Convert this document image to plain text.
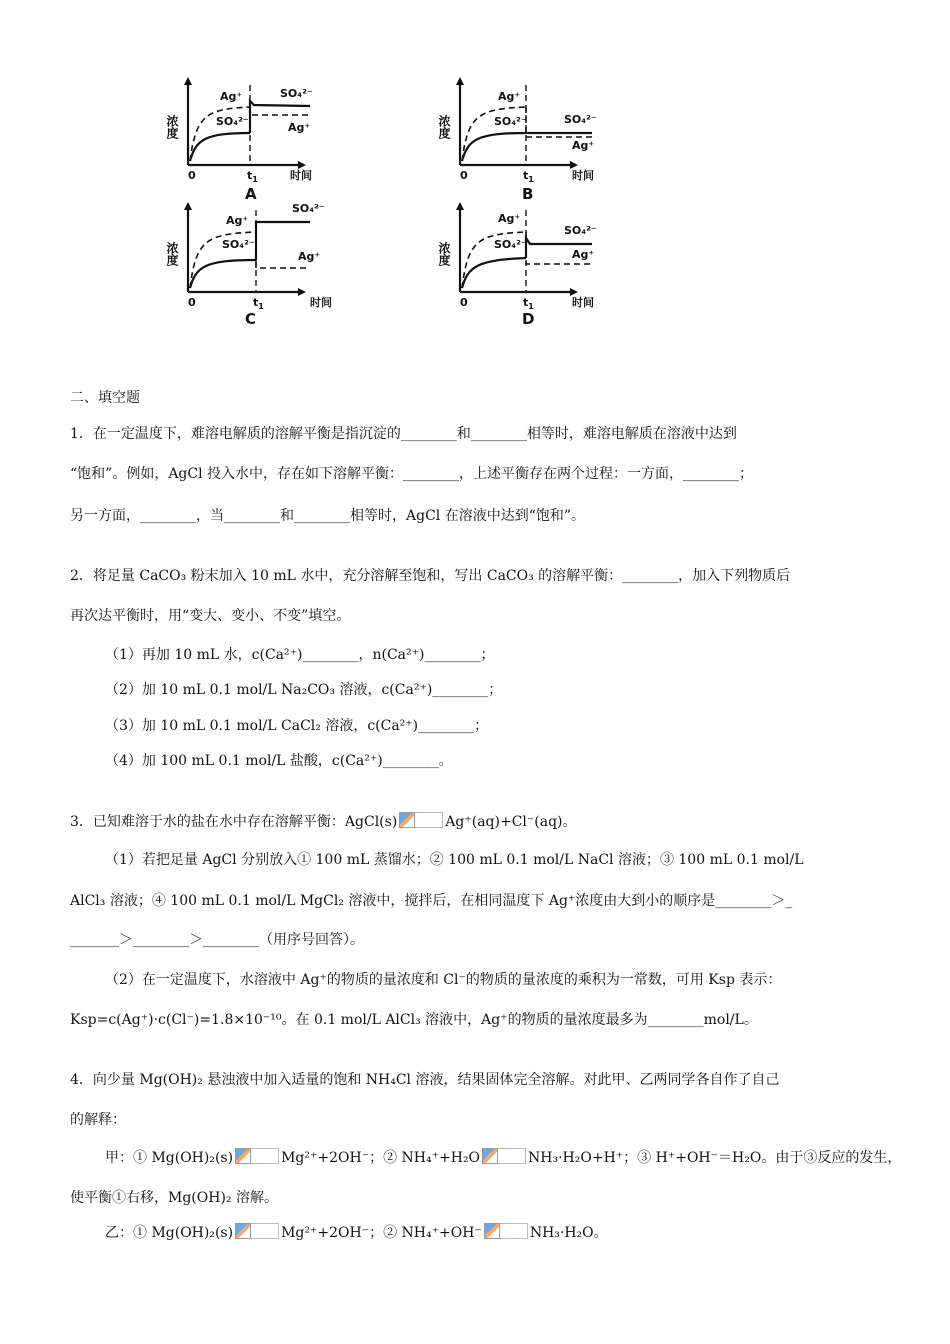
浓度
Ag⁺
SO₄²⁻
SO₄²⁻
Ag⁺
0	$t_1$	时间
A
浓度
Ag⁺
SO₄²⁻	SO₄²⁻
Ag⁺
0	$t_1$	时间
B
浓度
Ag⁺
SO₄²⁻
SO₄²⁻
Ag⁺
0	$t_1$	时间
C
浓度
Ag⁺
SO₄²⁻
SO₄²⁻
Ag⁺
0	$t_1$	时间
D
二、填空题
1．在一定温度下，难溶电解质的溶解平衡是指沉淀的________和________相等时，难溶电解质在溶液中达到
“饱和”。例如，AgCl 投入水中，存在如下溶解平衡：________，上述平衡存在两个过程：一方面，________；
另一方面，________，当________和________相等时，AgCl 在溶液中达到“饱和”。
2．将足量 CaCO₃ 粉末加入 10 mL 水中，充分溶解至饱和，写出 CaCO₃ 的溶解平衡：________，加入下列物质后
再次达平衡时，用“变大、变小、不变”填空。
（1）再加 10 mL 水，c(Ca²⁺)________，n(Ca²⁺)________；
（2）加 10 mL 0.1 mol/L Na₂CO₃ 溶液，c(Ca²⁺)________；
（3）加 10 mL 0.1 mol/L CaCl₂ 溶液，c(Ca²⁺)________；
（4）加 100 mL 0.1 mol/L 盐酸，c(Ca²⁺)________。
3．已知难溶于水的盐在水中存在溶解平衡：AgCl(s)	Ag⁺(aq)+Cl⁻(aq)。
（1）若把足量 AgCl 分别放入① 100 mL 蒸馏水；② 100 mL 0.1 mol/L NaCl 溶液；③ 100 mL 0.1 mol/L
AlCl₃ 溶液；④ 100 mL 0.1 mol/L MgCl₂ 溶液中，搅拌后，在相同温度下 Ag⁺浓度由大到小的顺序是________＞_
_______＞________＞________（用序号回答）。
（2）在一定温度下，水溶液中 Ag⁺的物质的量浓度和 Cl⁻的物质的量浓度的乘积为一常数，可用 Ksp 表示：
Ksp=c(Ag⁺)·c(Cl⁻)=1.8×10⁻¹⁰。在 0.1 mol/L AlCl₃ 溶液中，Ag⁺的物质的量浓度最多为________mol/L。
4．向少量 Mg(OH)₂ 悬浊液中加入适量的饱和 NH₄Cl 溶液，结果固体完全溶解。对此甲、乙两同学各自作了自己
的解释：
甲：① Mg(OH)₂(s)	Mg²⁺+2OH⁻；② NH₄⁺+H₂O	NH₃·H₂O+H⁺；③ H⁺+OH⁻＝H₂O。由于③反应的发生，
使平衡①右移，Mg(OH)₂ 溶解。
乙：① Mg(OH)₂(s)	Mg²⁺+2OH⁻；② NH₄⁺+OH⁻	NH₃·H₂O。
